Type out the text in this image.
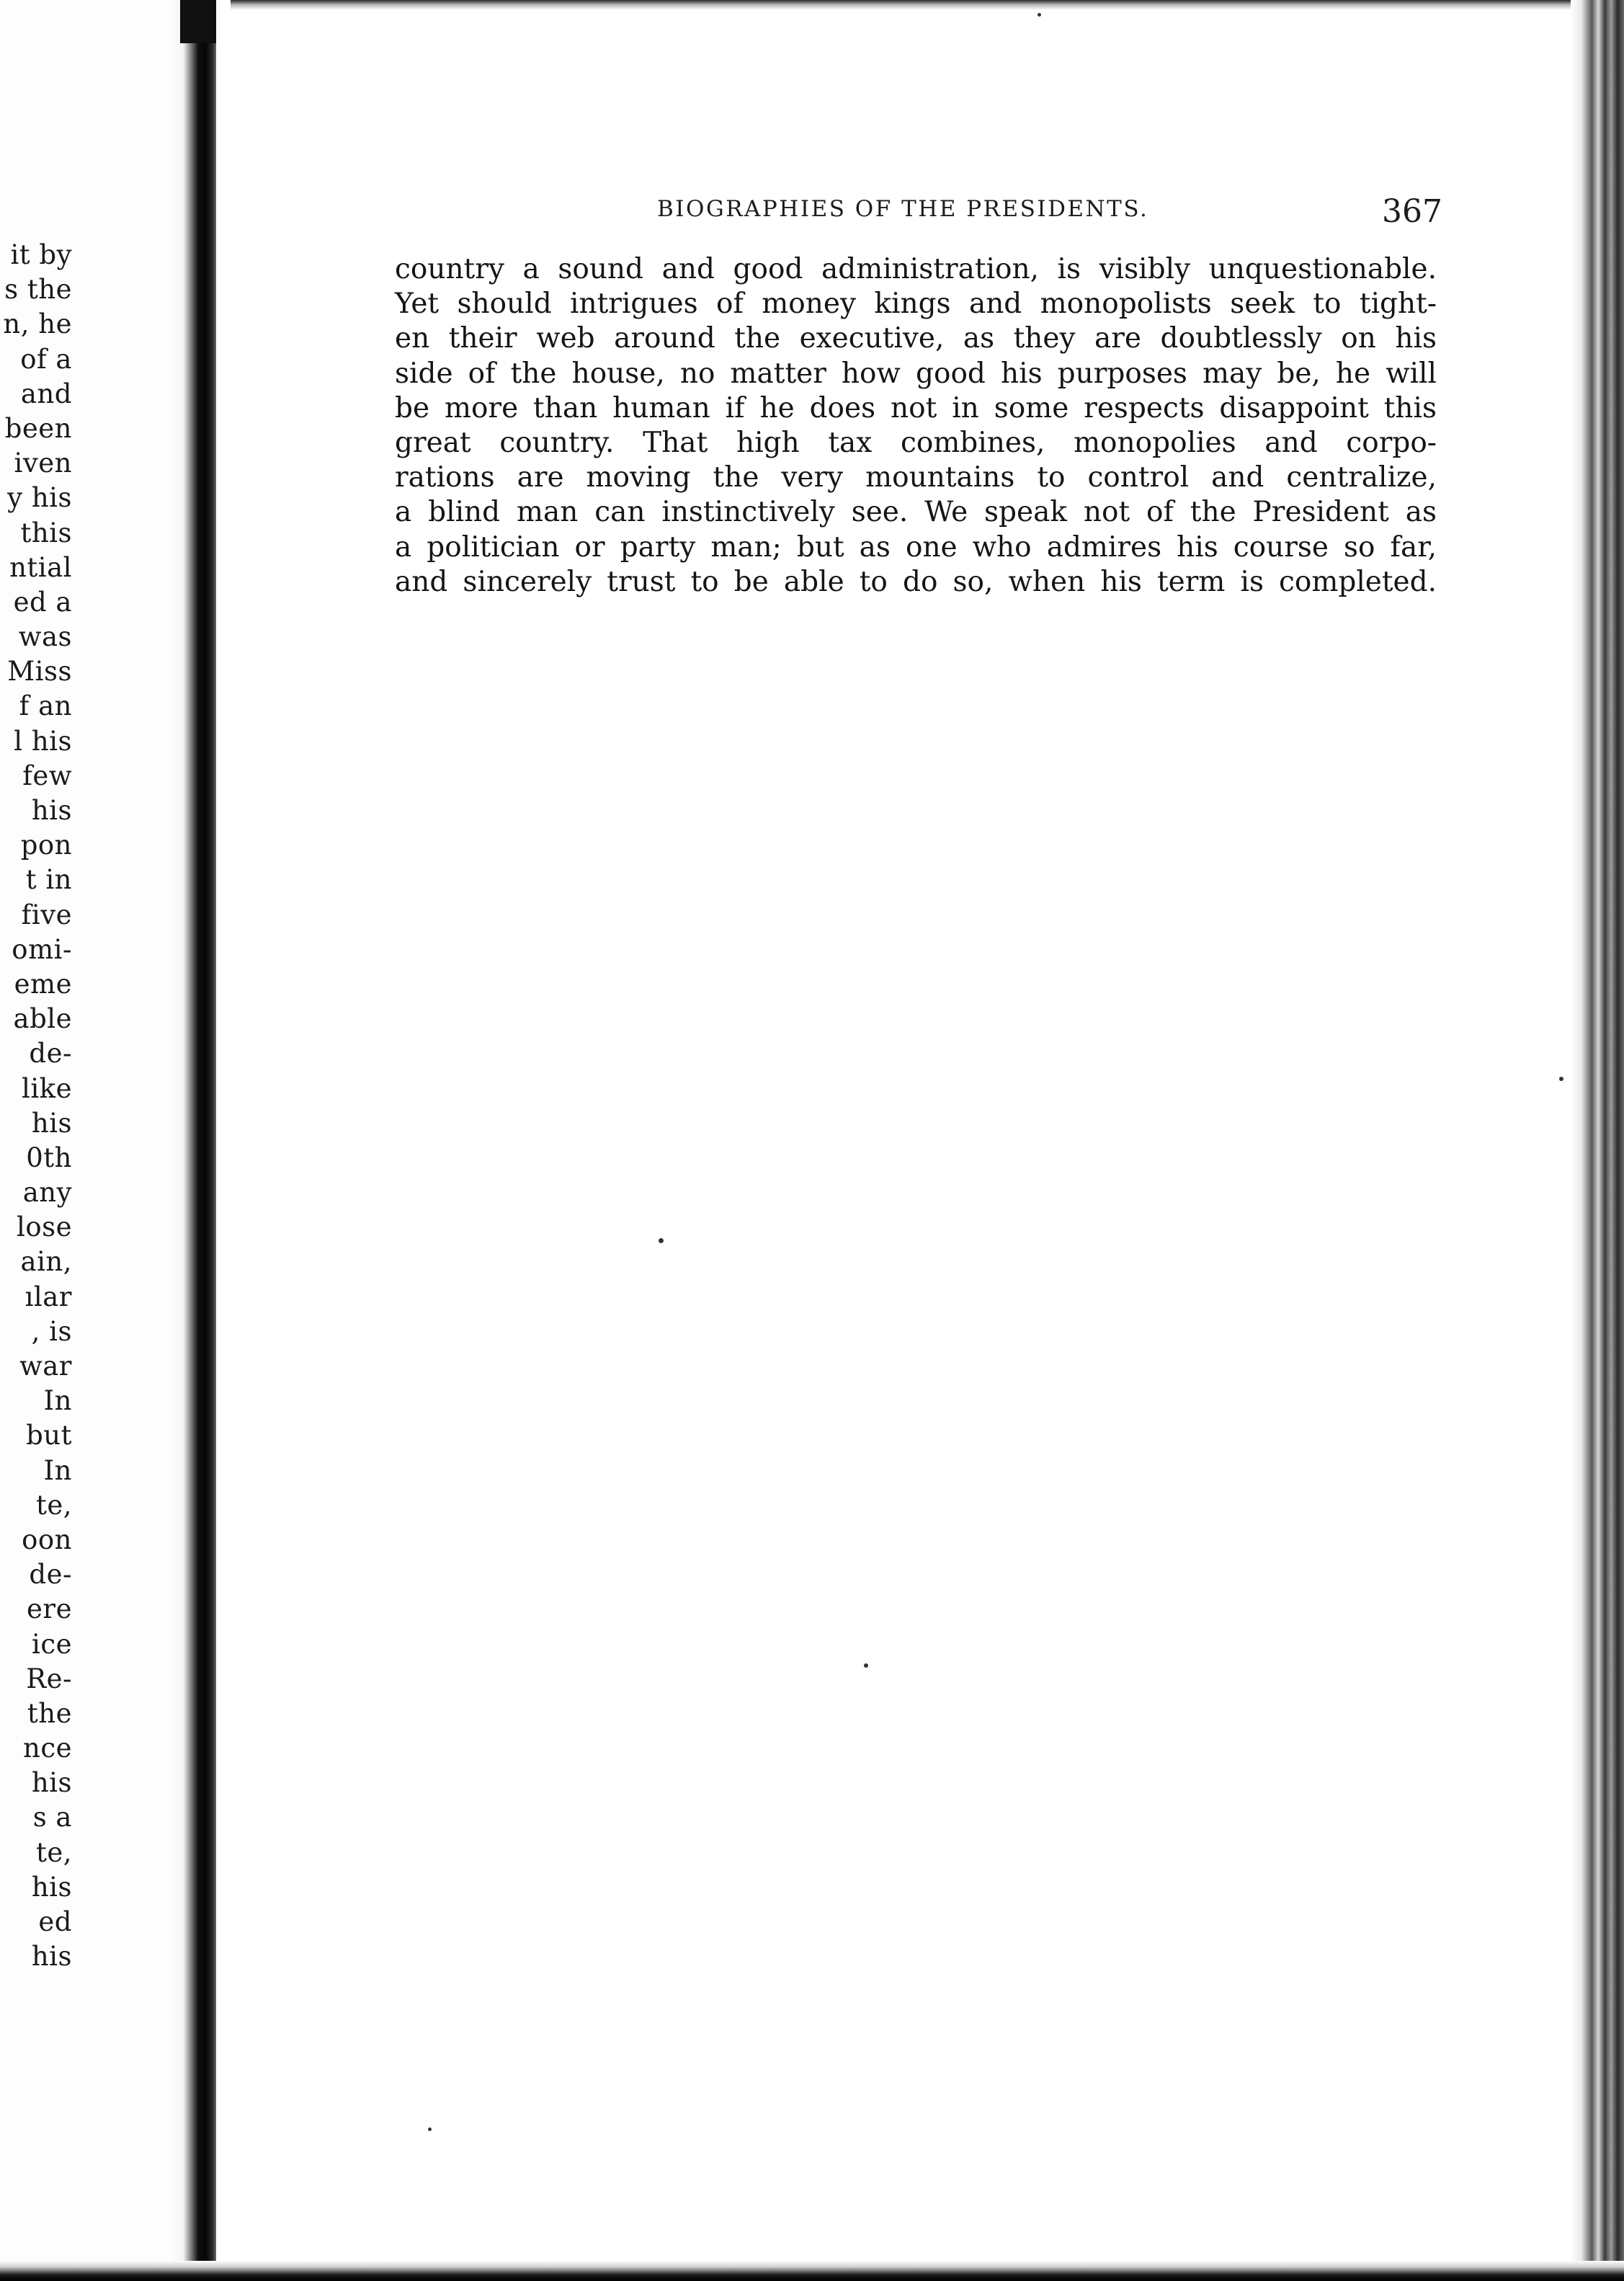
it by
s the
n, he
of a
and
been
iven
y his
this
ntial
ed a
was
Miss
f an
l his
few
his
pon
t in
five
omi-
eme
able
de-
like
his
0th
any
lose
ain,
ılar
, is
war
In
but
In
te,
oon
de-
ere
ice
Re-
the
nce
his
s a
te,
his
ed
his
BIOGRAPHIES OF THE PRESIDENTS.	367
country a sound and good administration, is visibly unquestionable.
Yet should intrigues of money kings and monopolists seek to tight-
en their web around the executive, as they are doubtlessly on his
side of the house, no matter how good his purposes may be, he will
be more than human if he does not in some respects disappoint this
great country. That high tax combines, monopolies and corpo-
rations are moving the very mountains to control and centralize,
a blind man can instinctively see. We speak not of the President as
a politician or party man; but as one who admires his course so far,
and sincerely trust to be able to do so, when his term is completed.
